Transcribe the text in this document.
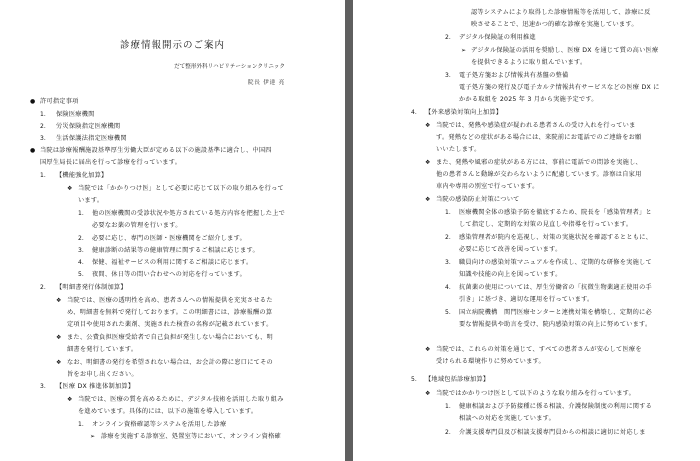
診療情報開示のご案内
だて整形外科リハビリテーションクリニック
院長 伊達 亮
● 許可指定事項
1. 保険医療機関
2. 労災保険指定医療機関
3. 生活保護法指定医療機関
● 当院は診療報酬施設基準厚生労働大臣が定める以下の施設基準に適合し、中国四
国厚生局長に届出を行って診療を行っています。
1. 【機能強化加算】
❖ 当院では「かかりつけ医」として必要に応じて以下の取り組みを行って
います。
1. 他の医療機関の受診状況や処方されている処方内容を把握した上で
必要なお薬の管理を行います。
2. 必要に応じ、専門の医師・医療機関をご紹介します。
3. 健康診断の結果等の健康管理に関するご相談に応じます。
4. 保健、福祉サービスの利用に関するご相談に応じます。
5. 夜間、休日等の問い合わせへの対応を行っています。
2. 【明細書発行体制加算】
❖ 当院では、医療の透明性を高め、患者さんへの情報提供を充実させるた
め、明細書を無料で発行しております。この明細書には、診療報酬の算
定項目や使用された薬剤、実施された検査の名称が記載されています。
❖ また、公費負担医療受給者で自己負担が発生しない場合においても、明
細書を発行しています。
❖ なお、明細書の発行を希望されない場合は、お会計の際に窓口にてその
旨をお申し出ください。
3. 【医療 DX 推進体制加算】
❖ 当院では、医療の質を高めるために、デジタル技術を活用した取り組み
を進めています。具体的には、以下の施策を導入しています。
1. オンライン資格確認等システムを活用した診療
➢ 診療を実施する診察室、処置室等において、オンライン資格確
認等システムにより取得した診療情報等を活用して、診療に反
映させることで、迅速かつ的確な診療を実施しています。
2. デジタル保険証の利用推進
➢ デジタル保険証の活用を奨励し、医療 DX を通じて質の高い医療
を提供できるように取り組んでいます。
3. 電子処方箋および情報共有基盤の整備
電子処方箋の発行及び電子カルテ情報共有サービスなどの医療 DX に
かかる取組を 2025 年 3 月から実施予定です。
4. 【外来感染対策向上加算】
❖ 当院では、発熱や感染症が疑われる患者さんの受け入れを行っていま
す。発熱などの症状がある場合には、来院前にお電話でのご連絡をお願
いいたします。
❖ また、発熱や風邪の症状がある方には、事前に電話での問診を実施し、
他の患者さんと動線が交わらないように配慮しています。診察は自家用
車内や専用の別室で行っています。
❖ 当院の感染防止対策について
1. 医療機関全体の感染予防を徹底するため、院長を「感染管理者」と
して指定し、定期的な対策の見直しや指導を行っています。
2. 感染管理者が院内を巡視し、対策の実施状況を確認するとともに、
必要に応じて改善を図っています。
3. 職員向けの感染対策マニュアルを作成し、定期的な研修を実施して
知識や技能の向上を図っています。
4. 抗菌薬の使用については、厚生労働省の「抗微生物薬適正使用の手
引き」に基づき、適切な運用を行っています。
5. 国立病院機構　関門医療センターと連携対策を構築し、定期的に必
要な情報提供や助言を受け、院内感染対策の向上に努めています。
❖ 当院では、これらの対策を通じて、すべての患者さんが安心して医療を
受けられる環境作りに努めています。
5. 【地域包括診療加算】
❖ 当院ではかかりつけ医として以下のような取り組みを行っています。
1. 健康相談および予防接種に係る相談、介護保険制度の利用に関する
相談への対応を実施しています。
2. 介護支援専門員及び相談支援専門員からの相談に適切に対応しま
